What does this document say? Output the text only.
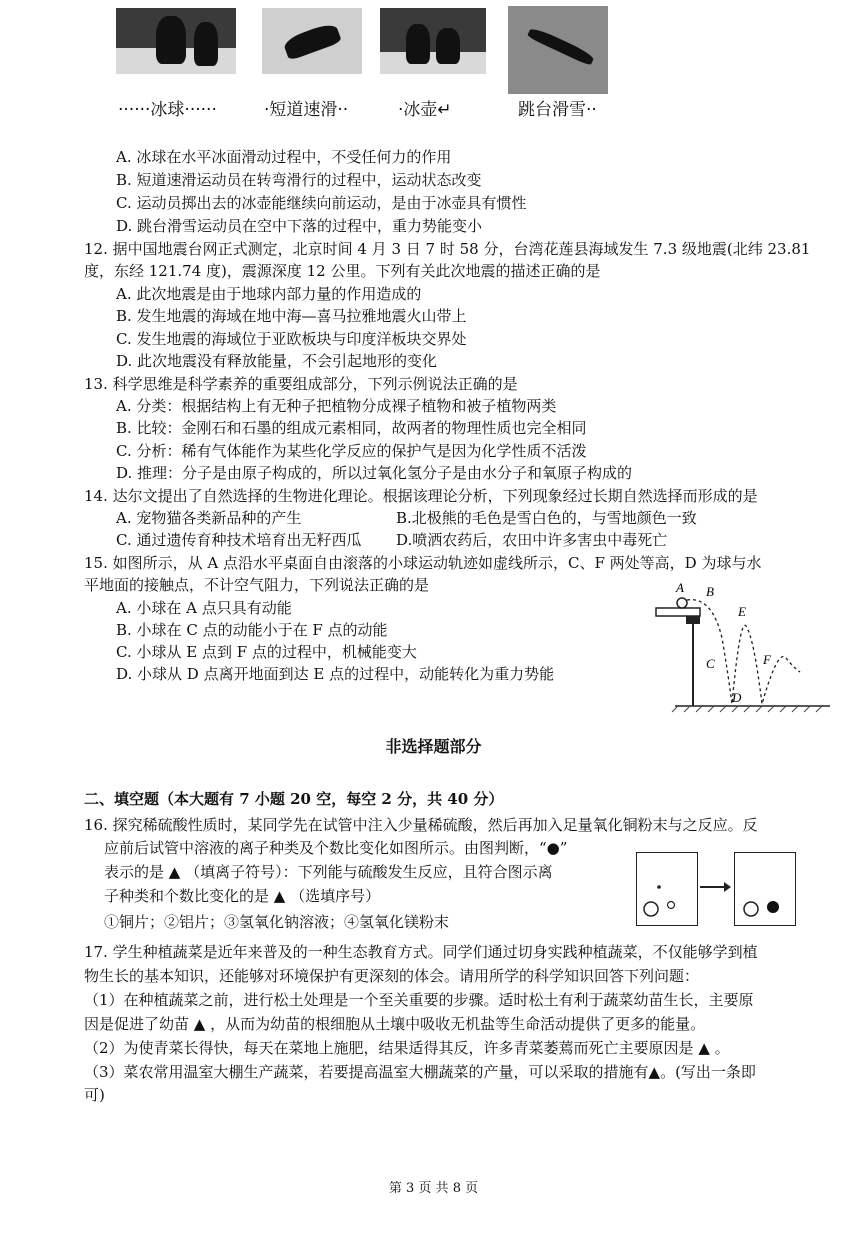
······冰球······	·短道速滑··	·冰壶↵	跳台滑雪··
A. 冰球在水平冰面滑动过程中，不受任何力的作用
B. 短道速滑运动员在转弯滑行的过程中，运动状态改变
C. 运动员掷出去的冰壶能继续向前运动，是由于冰壶具有惯性
D. 跳台滑雪运动员在空中下落的过程中，重力势能变小
12. 据中国地震台网正式测定，北京时间 4 月 3 日 7 时 58 分，台湾花莲县海域发生 7.3 级地震(北纬 23.81
度，东经 121.74 度)，震源深度 12 公里。下列有关此次地震的描述正确的是
A. 此次地震是由于地球内部力量的作用造成的
B. 发生地震的海域在地中海—喜马拉雅地震火山带上
C. 发生地震的海域位于亚欧板块与印度洋板块交界处
D. 此次地震没有释放能量，不会引起地形的变化
13. 科学思维是科学素养的重要组成部分，下列示例说法正确的是
A. 分类：根据结构上有无种子把植物分成裸子植物和被子植物两类
B. 比较：金刚石和石墨的组成元素相同，故两者的物理性质也完全相同
C. 分析：稀有气体能作为某些化学反应的保护气是因为化学性质不活泼
D. 推理：分子是由原子构成的，所以过氧化氢分子是由水分子和氧原子构成的
14. 达尔文提出了自然选择的生物进化理论。根据该理论分析，下列现象经过长期自然选择而形成的是
A. 宠物猫各类新品种的产生	B.北极熊的毛色是雪白色的，与雪地颜色一致
C. 通过遗传育种技术培育出无籽西瓜 D.喷洒农药后，农田中许多害虫中毒死亡
15. 如图所示，从 A 点沿水平桌面自由滚落的小球运动轨迹如虚线所示，C、F 两处等高，D 为球与水
平地面的接触点，不计空气阻力，下列说法正确的是
A. 小球在 A 点只具有动能
B. 小球在 C 点的动能小于在 F 点的动能
C. 小球从 E 点到 F 点的过程中，机械能变大
D. 小球从 D 点离开地面到达 E 点的过程中，动能转化为重力势能
A B
C
D
E
F
非选择题部分
二、填空题（本大题有 7 小题 20 空，每空 2 分，共 40 分）
16. 探究稀硫酸性质时，某同学先在试管中注入少量稀硫酸，然后再加入足量氧化铜粉末与之反应。反
应前后试管中溶液的离子种类及个数比变化如图所示。由图判断，“●”
表示的是 ▲ （填离子符号）：下列能与硫酸发生反应，且符合图示离
子种类和个数比变化的是 ▲ （选填序号）
①铜片；②铝片；③氢氧化钠溶液；④氢氧化镁粉末
17. 学生种植蔬菜是近年来普及的一种生态教育方式。同学们通过切身实践种植蔬菜，不仅能够学到植
物生长的基本知识，还能够对环境保护有更深刻的体会。请用所学的科学知识回答下列问题：
（1）在种植蔬菜之前，进行松土处理是一个至关重要的步骤。适时松土有利于蔬菜幼苗生长，主要原
因是促进了幼苗 ▲ ，从而为幼苗的根细胞从土壤中吸收无机盐等生命活动提供了更多的能量。
（2）为使青菜长得快，每天在菜地上施肥，结果适得其反，许多青菜萎蔫而死亡主要原因是 ▲ 。
（3）菜农常用温室大棚生产蔬菜，若要提高温室大棚蔬菜的产量，可以采取的措施有▲。(写出一条即
可)
第 3 页 共 8 页
